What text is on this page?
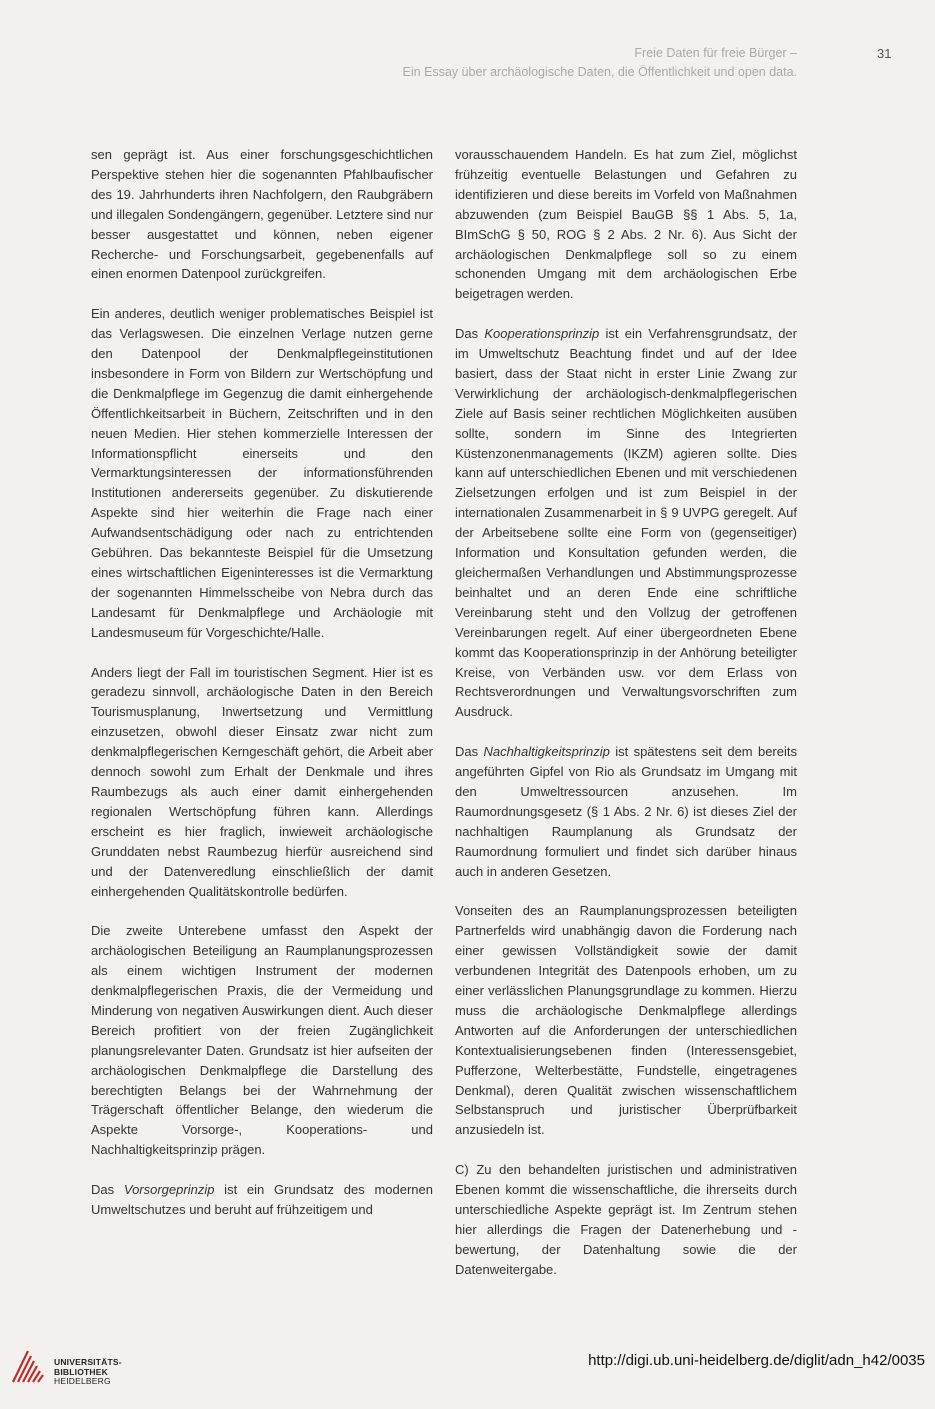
Freie Daten für freie Bürger –
Ein Essay über archäologische Daten, die Öffentlichkeit und open data.
31

sen geprägt ist. Aus einer forschungsgeschichtlichen Perspektive stehen hier die sogenannten Pfahlbaufischer des 19. Jahrhunderts ihren Nachfolgern, den Raubgräbern und illegalen Sondengängern, gegenüber. Letztere sind nur besser ausgestattet und können, neben eigener Recherche- und Forschungsarbeit, gegebenenfalls auf einen enormen Datenpool zurückgreifen.

Ein anderes, deutlich weniger problematisches Beispiel ist das Verlagswesen. Die einzelnen Verlage nutzen gerne den Datenpool der Denkmalpflegeinstitutionen insbesondere in Form von Bildern zur Wertschöpfung und die Denkmalpflege im Gegenzug die damit einhergehende Öffentlichkeitsarbeit in Büchern, Zeitschriften und in den neuen Medien. Hier stehen kommerzielle Interessen der Informationspflicht einerseits und den Vermarktungsinteressen der informationsführenden Institutionen andererseits gegenüber. Zu diskutierende Aspekte sind hier weiterhin die Frage nach einer Aufwandsentschädigung oder nach zu entrichtenden Gebühren. Das bekannteste Beispiel für die Umsetzung eines wirtschaftlichen Eigeninteresses ist die Vermarktung der sogenannten Himmelsscheibe von Nebra durch das Landesamt für Denkmalpflege und Archäologie mit Landesmuseum für Vorgeschichte/Halle.

Anders liegt der Fall im touristischen Segment. Hier ist es geradezu sinnvoll, archäologische Daten in den Bereich Tourismusplanung, Inwertsetzung und Vermittlung einzusetzen, obwohl dieser Einsatz zwar nicht zum denkmalpflegerischen Kerngeschäft gehört, die Arbeit aber dennoch sowohl zum Erhalt der Denkmale und ihres Raumbezugs als auch einer damit einhergehenden regionalen Wertschöpfung führen kann. Allerdings erscheint es hier fraglich, inwieweit archäologische Grunddaten nebst Raumbezug hierfür ausreichend sind und der Datenveredlung einschließlich der damit einhergehenden Qualitätskontrolle bedürfen.

Die zweite Unterebene umfasst den Aspekt der archäologischen Beteiligung an Raumplanungsprozessen als einem wichtigen Instrument der modernen denkmalpflegerischen Praxis, die der Vermeidung und Minderung von negativen Auswirkungen dient. Auch dieser Bereich profitiert von der freien Zugänglichkeit planungsrelevanter Daten. Grundsatz ist hier aufseiten der archäologischen Denkmalpflege die Darstellung des berechtigten Belangs bei der Wahrnehmung der Trägerschaft öffentlicher Belange, den wiederum die Aspekte Vorsorge-, Kooperations- und Nachhaltigkeitsprinzip prägen.

Das Vorsorgeprinzip ist ein Grundsatz des modernen Umweltschutzes und beruht auf frühzeitigem und

vorausschauendem Handeln. Es hat zum Ziel, möglichst frühzeitig eventuelle Belastungen und Gefahren zu identifizieren und diese bereits im Vorfeld von Maßnahmen abzuwenden (zum Beispiel BauGB §§ 1 Abs. 5, 1a, BImSchG § 50, ROG § 2 Abs. 2 Nr. 6). Aus Sicht der archäologischen Denkmalpflege soll so zu einem schonenden Umgang mit dem archäologischen Erbe beigetragen werden.

Das Kooperationsprinzip ist ein Verfahrensgrundsatz, der im Umweltschutz Beachtung findet und auf der Idee basiert, dass der Staat nicht in erster Linie Zwang zur Verwirklichung der archäologisch-denkmalpflegerischen Ziele auf Basis seiner rechtlichen Möglichkeiten ausüben sollte, sondern im Sinne des Integrierten Küstenzonenmanagements (IKZM) agieren sollte. Dies kann auf unterschiedlichen Ebenen und mit verschiedenen Zielsetzungen erfolgen und ist zum Beispiel in der internationalen Zusammenarbeit in § 9 UVPG geregelt. Auf der Arbeitsebene sollte eine Form von (gegenseitiger) Information und Konsultation gefunden werden, die gleichermaßen Verhandlungen und Abstimmungsprozesse beinhaltet und an deren Ende eine schriftliche Vereinbarung steht und den Vollzug der getroffenen Vereinbarungen regelt. Auf einer übergeordneten Ebene kommt das Kooperationsprinzip in der Anhörung beteiligter Kreise, von Verbänden usw. vor dem Erlass von Rechtsverordnungen und Verwaltungsvorschriften zum Ausdruck.

Das Nachhaltigkeitsprinzip ist spätestens seit dem bereits angeführten Gipfel von Rio als Grundsatz im Umgang mit den Umweltressourcen anzusehen. Im Raumordnungsgesetz (§ 1 Abs. 2 Nr. 6) ist dieses Ziel der nachhaltigen Raumplanung als Grundsatz der Raumordnung formuliert und findet sich darüber hinaus auch in anderen Gesetzen.

Vonseiten des an Raumplanungsprozessen beteiligten Partnerfelds wird unabhängig davon die Forderung nach einer gewissen Vollständigkeit sowie der damit verbundenen Integrität des Datenpools erhoben, um zu einer verlässlichen Planungsgrundlage zu kommen. Hierzu muss die archäologische Denkmalpflege allerdings Antworten auf die Anforderungen der unterschiedlichen Kontextualisierungsebenen finden (Interessensgebiet, Pufferzone, Welterbestätte, Fundstelle, eingetragenes Denkmal), deren Qualität zwischen wissenschaftlichem Selbstanspruch und juristischer Überprüfbarkeit anzusiedeln ist.

C) Zu den behandelten juristischen und administrativen Ebenen kommt die wissenschaftliche, die ihrerseits durch unterschiedliche Aspekte geprägt ist. Im Zentrum stehen hier allerdings die Fragen der Datenerhebung und -bewertung, der Datenhaltung sowie die der Datenweitergabe.

UNIVERSITÄTS-
BIBLIOTHEK
HEIDELBERG
http://digi.ub.uni-heidelberg.de/diglit/adn_h42/0035
